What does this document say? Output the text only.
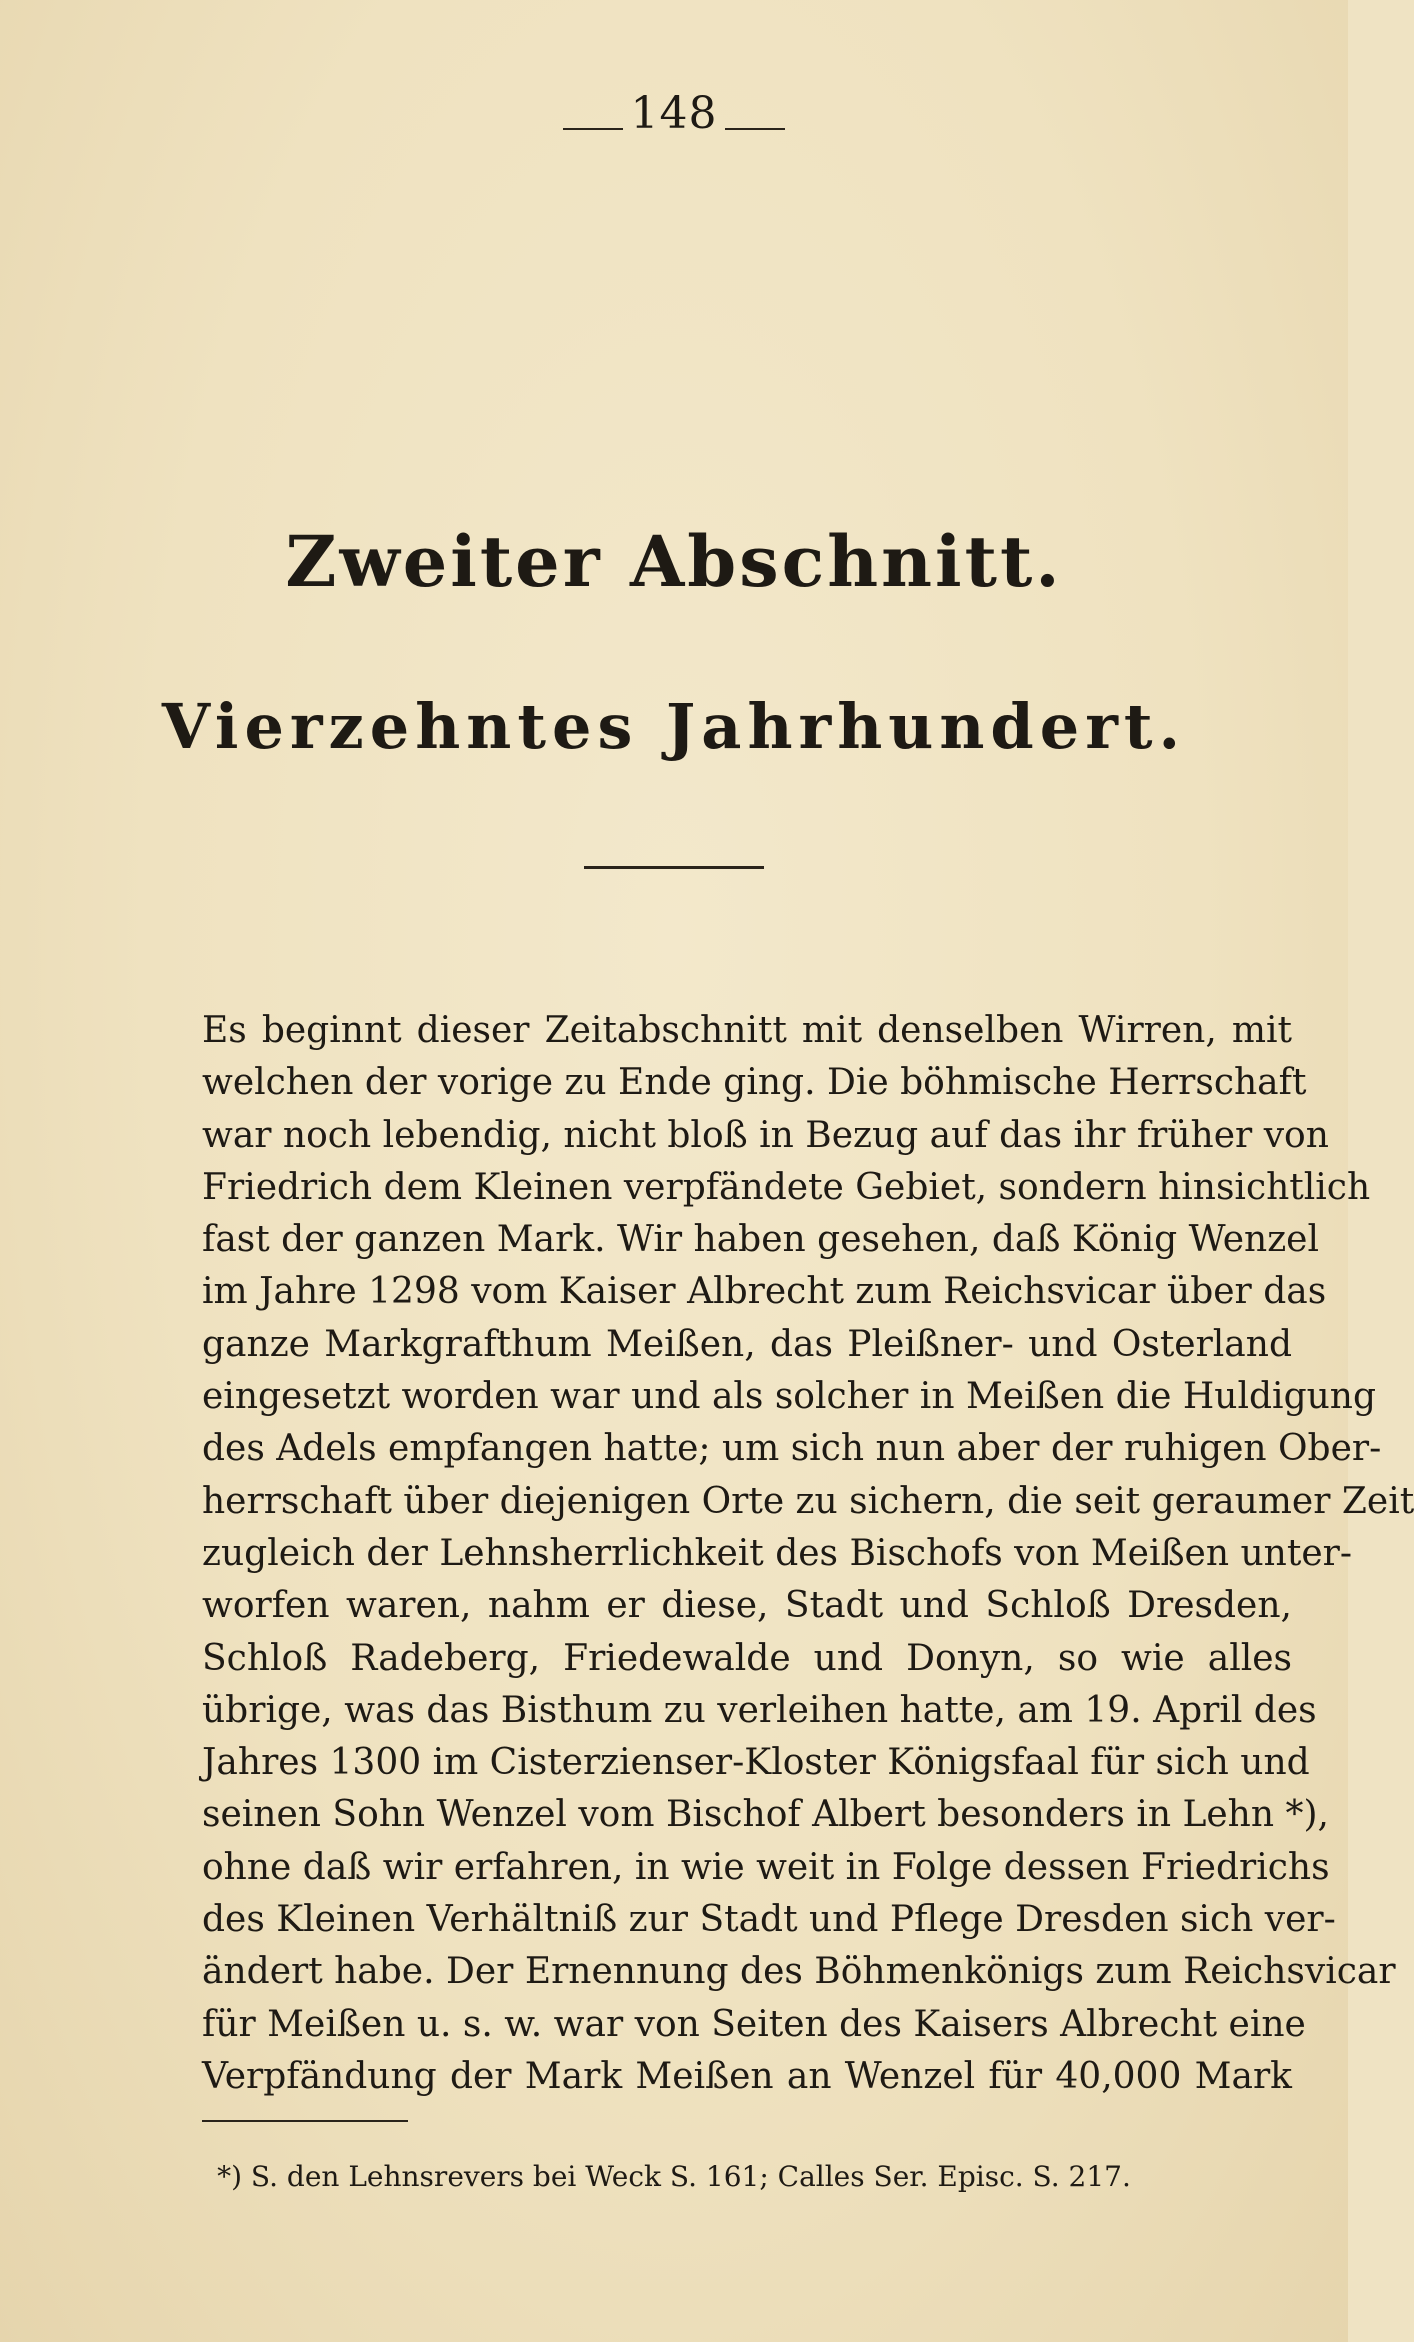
148
Zweiter Abschnitt.
Vierzehntes Jahrhundert.
Es beginnt dieser Zeitabschnitt mit denselben Wirren, mit
welchen der vorige zu Ende ging. Die böhmische Herrschaft
war noch lebendig, nicht bloß in Bezug auf das ihr früher von
Friedrich dem Kleinen verpfändete Gebiet, sondern hinsichtlich
fast der ganzen Mark. Wir haben gesehen, daß König Wenzel
im Jahre 1298 vom Kaiser Albrecht zum Reichsvicar über das
ganze Markgrafthum Meißen, das Pleißner- und Osterland
eingesetzt worden war und als solcher in Meißen die Huldigung
des Adels empfangen hatte; um sich nun aber der ruhigen Ober-
herrschaft über diejenigen Orte zu sichern, die seit geraumer Zeit
zugleich der Lehnsherrlichkeit des Bischofs von Meißen unter-
worfen waren, nahm er diese, Stadt und Schloß Dresden,
Schloß Radeberg, Friedewalde und Donyn, so wie alles
übrige, was das Bisthum zu verleihen hatte, am 19. April des
Jahres 1300 im Cisterzienser-Kloster Königsfaal für sich und
seinen Sohn Wenzel vom Bischof Albert besonders in Lehn *),
ohne daß wir erfahren, in wie weit in Folge dessen Friedrichs
des Kleinen Verhältniß zur Stadt und Pflege Dresden sich ver-
ändert habe. Der Ernennung des Böhmenkönigs zum Reichsvicar
für Meißen u. s. w. war von Seiten des Kaisers Albrecht eine
Verpfändung der Mark Meißen an Wenzel für 40,000 Mark
*) S. den Lehnsrevers bei Weck S. 161; Calles Ser. Episc. S. 217.
